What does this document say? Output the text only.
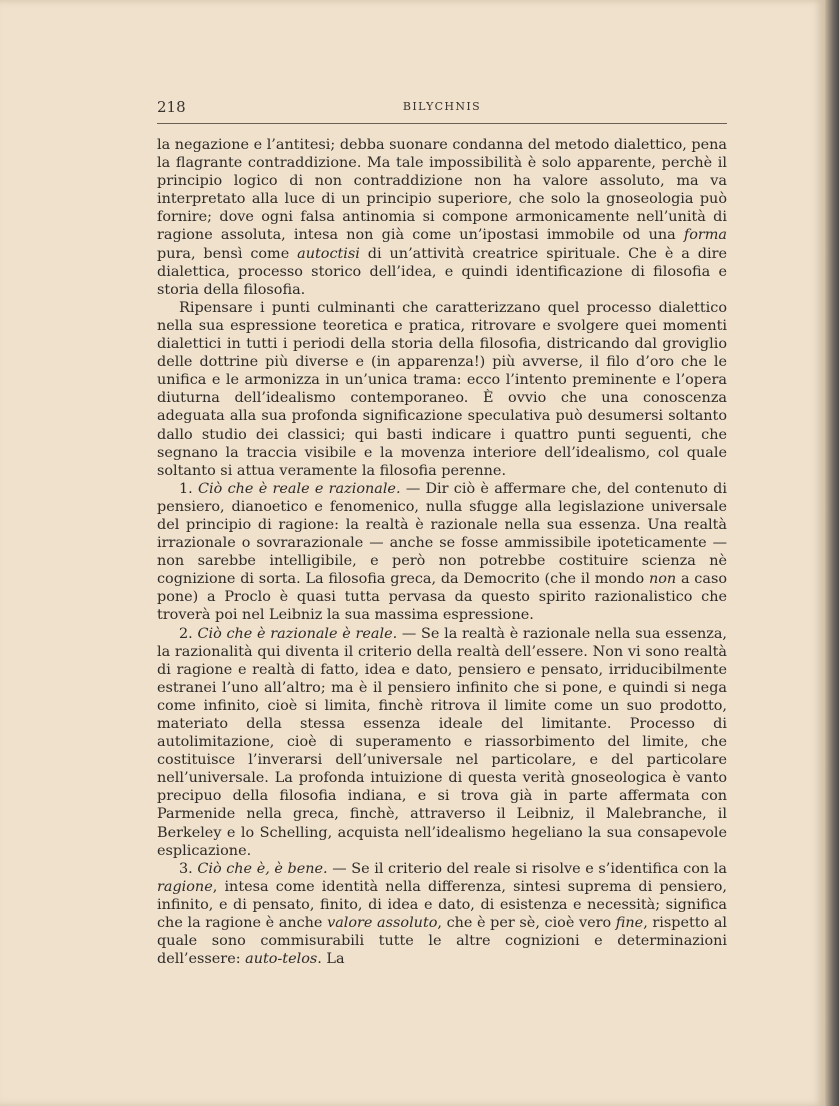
218	BILYCHNIS

la negazione e l’antitesi; debba suonare condanna del metodo dialettico, pena la flagrante contraddizione. Ma tale impossibilità è solo apparente, perchè il principio logico di non contraddizione non ha valore assoluto, ma va interpretato alla luce di un principio superiore, che solo la gnoseologia può fornire; dove ogni falsa antinomia si compone armonicamente nell’unità di ragione assoluta, intesa non già come un’ipostasi immobile od una forma pura, bensì come autoctisi di un’attività creatrice spirituale. Che è a dire dialettica, processo storico dell’idea, e quindi identificazione di filosofia e storia della filosofia.

Ripensare i punti culminanti che caratterizzano quel processo dialettico nella sua espressione teoretica e pratica, ritrovare e svolgere quei momenti dialettici in tutti i periodi della storia della filosofia, districando dal groviglio delle dottrine più diverse e (in apparenza!) più avverse, il filo d’oro che le unifica e le armonizza in un’unica trama: ecco l’intento preminente e l’opera diuturna dell’idealismo contemporaneo. È ovvio che una conoscenza adeguata alla sua profonda significazione speculativa può desumersi soltanto dallo studio dei classici; qui basti indicare i quattro punti seguenti, che segnano la traccia visibile e la movenza interiore dell’idealismo, col quale soltanto si attua veramente la filosofia perenne.

1. Ciò che è reale e razionale. — Dir ciò è affermare che, del contenuto di pensiero, dianoetico e fenomenico, nulla sfugge alla legislazione universale del principio di ragione: la realtà è razionale nella sua essenza. Una realtà irrazionale o sovrarazionale — anche se fosse ammissibile ipoteticamente — non sarebbe intelligibile, e però non potrebbe costituire scienza nè cognizione di sorta. La filosofia greca, da Democrito (che il mondo non a caso pone) a Proclo è quasi tutta pervasa da questo spirito razionalistico che troverà poi nel Leibniz la sua massima espressione.

2. Ciò che è razionale è reale. — Se la realtà è razionale nella sua essenza, la razionalità qui diventa il criterio della realtà dell’essere. Non vi sono realtà di ragione e realtà di fatto, idea e dato, pensiero e pensato, irriducibilmente estranei l’uno all’altro; ma è il pensiero infinito che si pone, e quindi si nega come infinito, cioè si limita, finchè ritrova il limite come un suo prodotto, materiato della stessa essenza ideale del limitante. Processo di autolimitazione, cioè di superamento e riassorbimento del limite, che costituisce l’inverarsi dell’universale nel particolare, e del particolare nell’universale. La profonda intuizione di questa verità gnoseologica è vanto precipuo della filosofia indiana, e si trova già in parte affermata con Parmenide nella greca, finchè, attraverso il Leibniz, il Malebranche, il Berkeley e lo Schelling, acquista nell’idealismo hegeliano la sua consapevole esplicazione.

3. Ciò che è, è bene. — Se il criterio del reale si risolve e s’identifica con la ragione, intesa come identità nella differenza, sintesi suprema di pensiero, infinito, e di pensato, finito, di idea e dato, di esistenza e necessità; significa che la ragione è anche valore assoluto, che è per sè, cioè vero fine, rispetto al quale sono commisurabili tutte le altre cognizioni e determinazioni dell’essere: auto-telos. La
